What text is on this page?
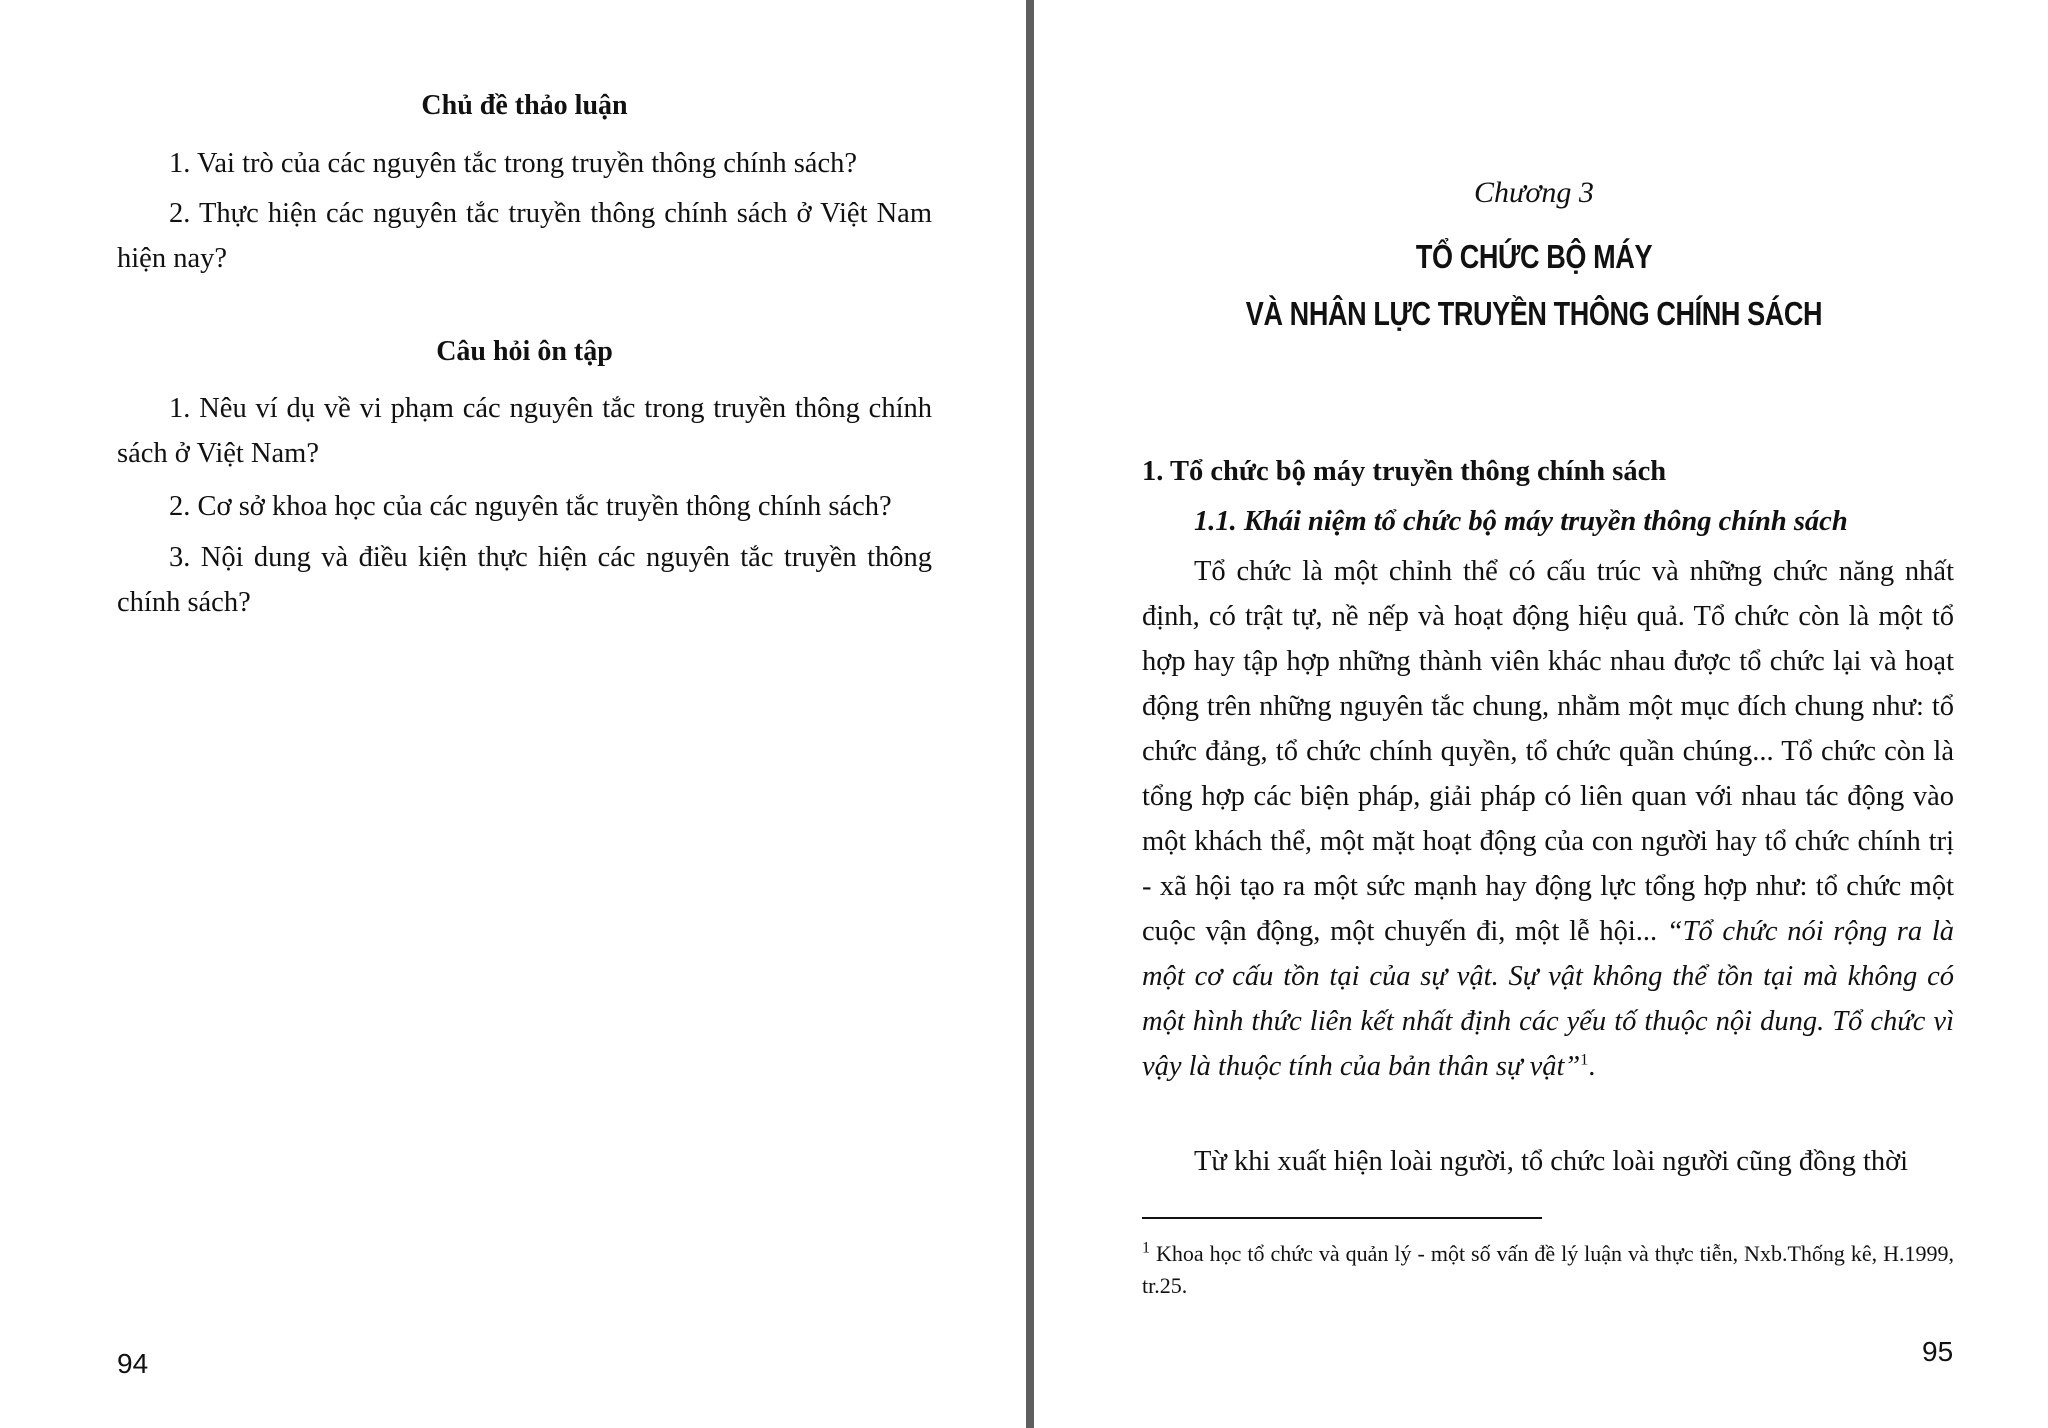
Chủ đề thảo luận

1. Vai trò của các nguyên tắc trong truyền thông chính sách?

2. Thực hiện các nguyên tắc truyền thông chính sách ở Việt Nam hiện nay?

Câu hỏi ôn tập

1. Nêu ví dụ về vi phạm các nguyên tắc trong truyền thông chính sách ở Việt Nam?

2. Cơ sở khoa học của các nguyên tắc truyền thông chính sách?

3. Nội dung và điều kiện thực hiện các nguyên tắc truyền thông chính sách?

94

Chương 3

TỔ CHỨC BỘ MÁY

VÀ NHÂN LỰC TRUYỀN THÔNG CHÍNH SÁCH

1. Tổ chức bộ máy truyền thông chính sách

1.1. Khái niệm tổ chức bộ máy truyền thông chính sách

Tổ chức là một chỉnh thể có cấu trúc và những chức năng nhất định, có trật tự, nề nếp và hoạt động hiệu quả. Tổ chức còn là một tổ hợp hay tập hợp những thành viên khác nhau được tổ chức lại và hoạt động trên những nguyên tắc chung, nhằm một mục đích chung như: tổ chức đảng, tổ chức chính quyền, tổ chức quần chúng... Tổ chức còn là tổng hợp các biện pháp, giải pháp có liên quan với nhau tác động vào một khách thể, một mặt hoạt động của con người hay tổ chức chính trị - xã hội tạo ra một sức mạnh hay động lực tổng hợp như: tổ chức một cuộc vận động, một chuyến đi, một lễ hội... “Tổ chức nói rộng ra là một cơ cấu tồn tại của sự vật. Sự vật không thể tồn tại mà không có một hình thức liên kết nhất định các yếu tố thuộc nội dung. Tổ chức vì vậy là thuộc tính của bản thân sự vật”$^1$.

Từ khi xuất hiện loài người, tổ chức loài người cũng đồng thời

$^1$ Khoa học tổ chức và quản lý - một số vấn đề lý luận và thực tiễn, Nxb.Thống kê, H.1999, tr.25.

95
